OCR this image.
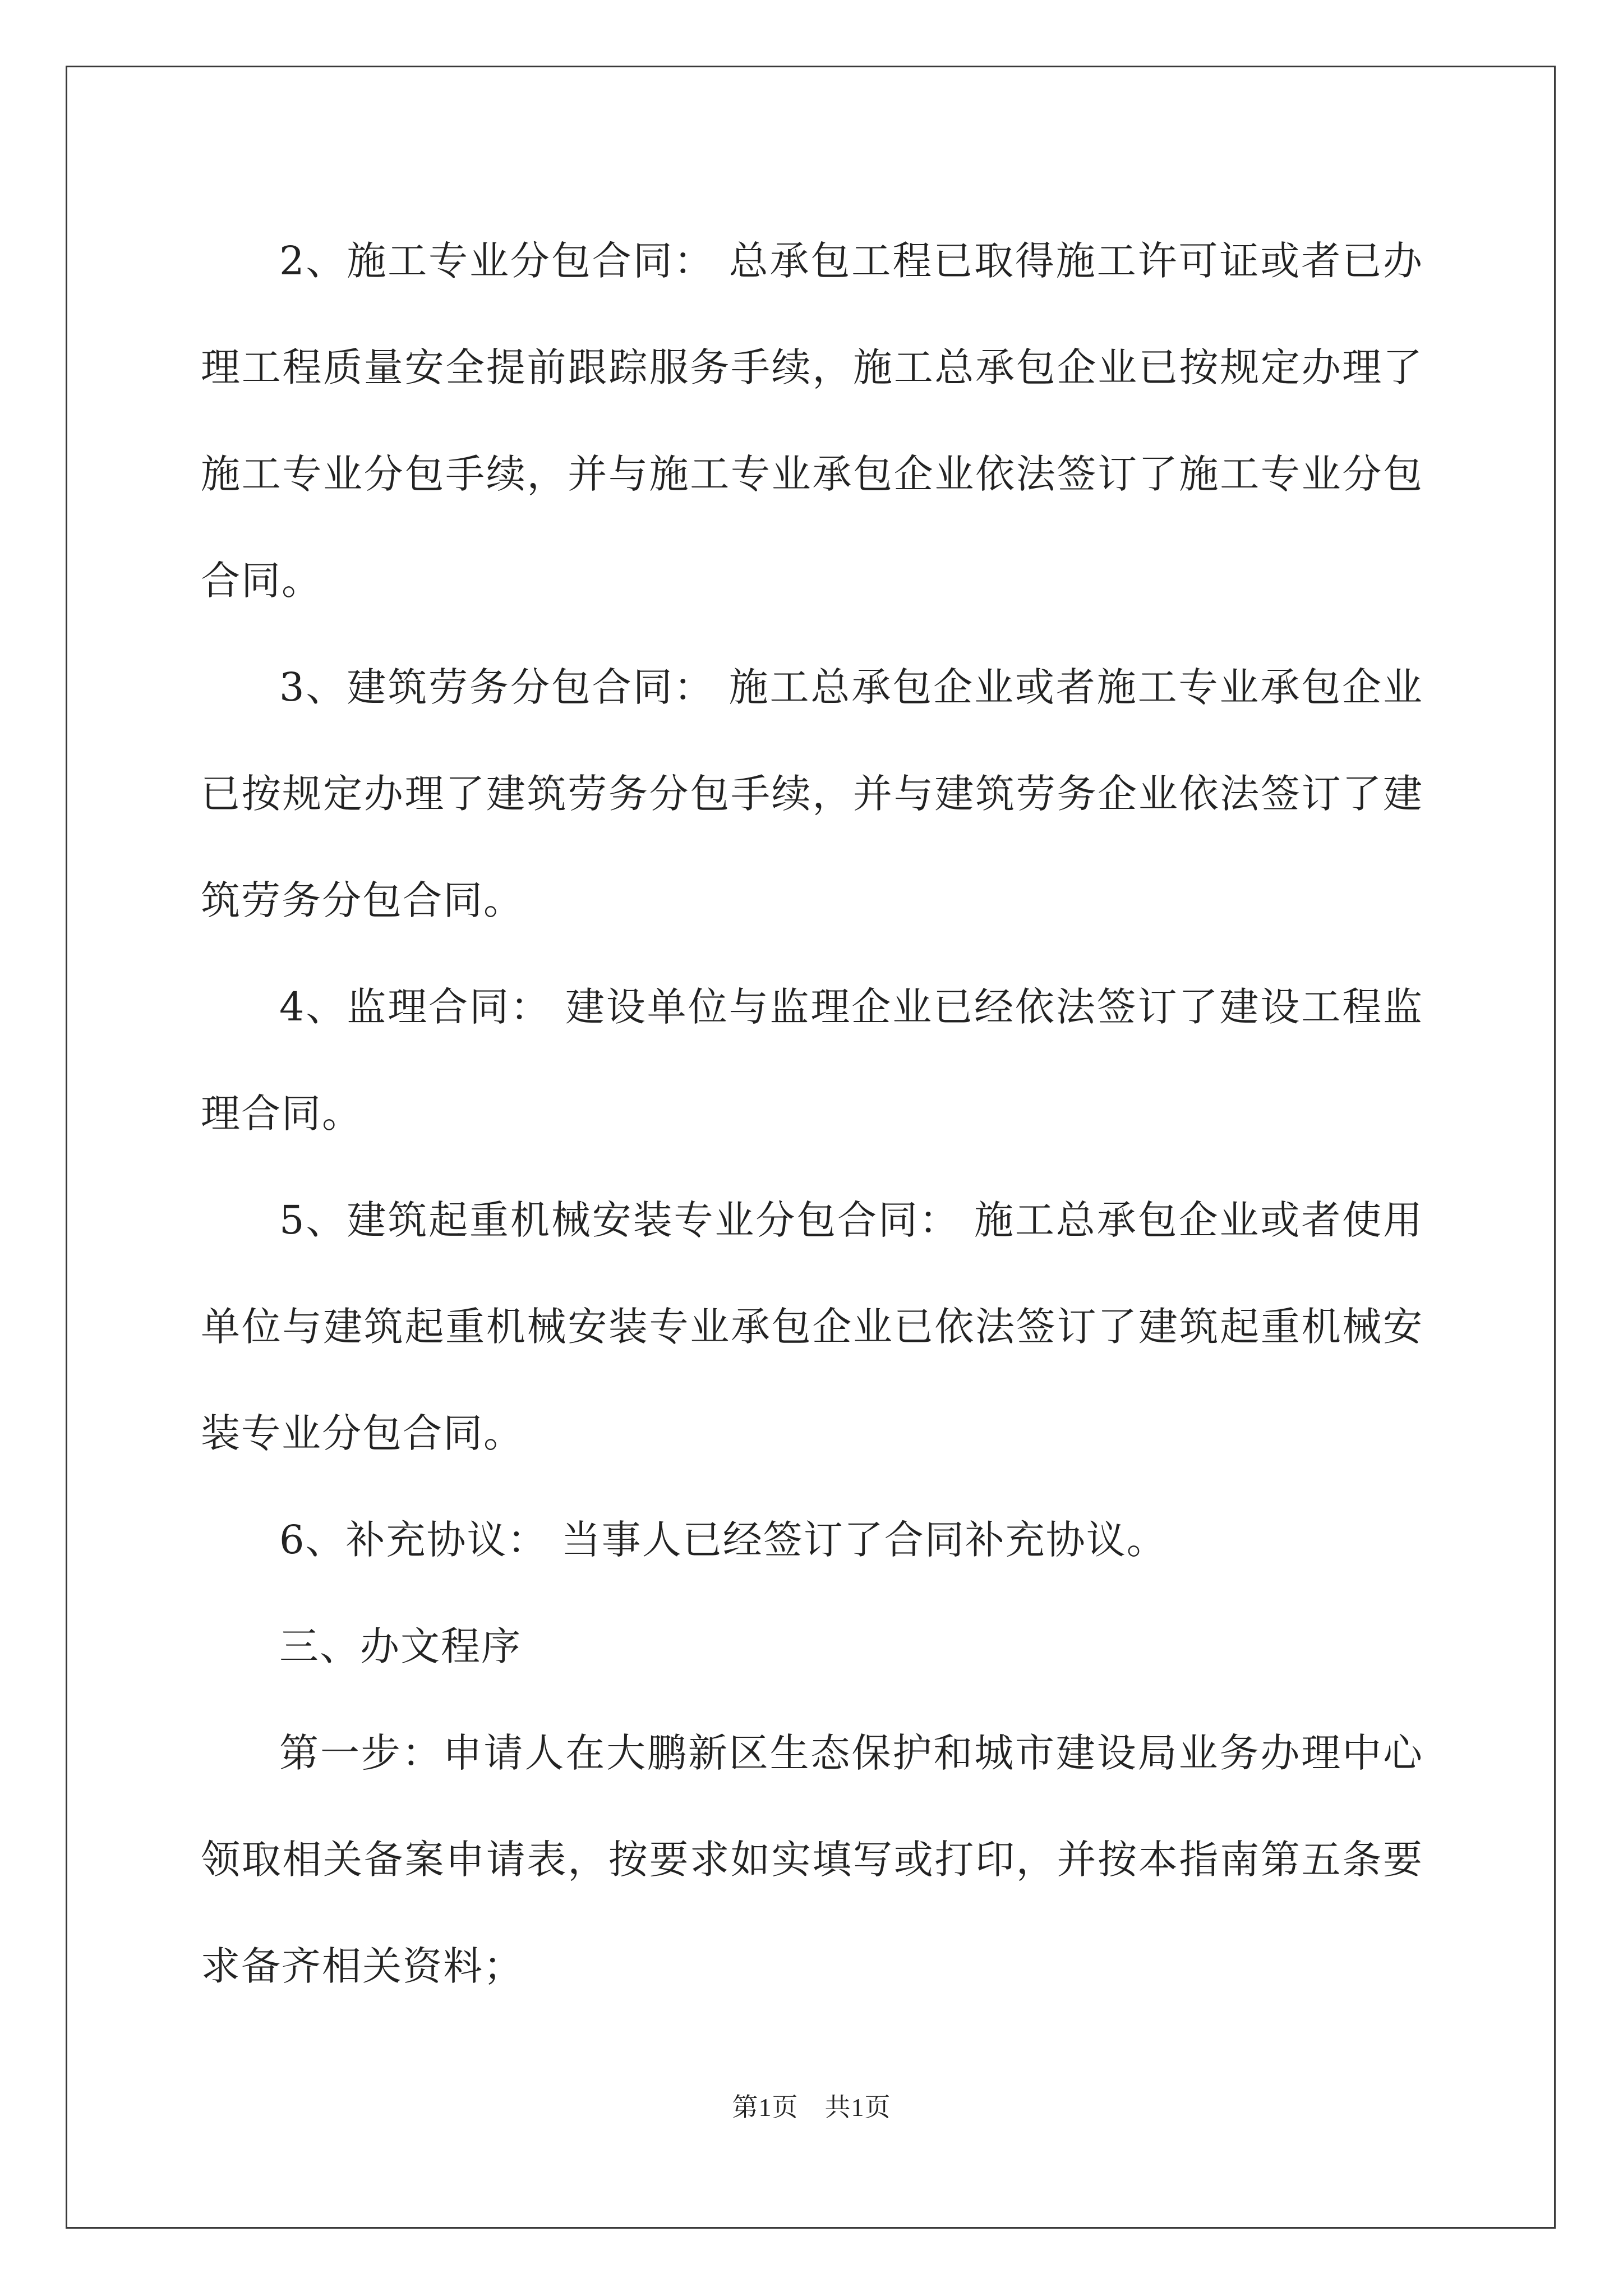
2、施工专业分包合同： 总承包工程已取得施工许可证或者已办理工程质量安全提前跟踪服务手续，施工总承包企业已按规定办理了施工专业分包手续，并与施工专业承包企业依法签订了施工专业分包合同。

3、建筑劳务分包合同： 施工总承包企业或者施工专业承包企业已按规定办理了建筑劳务分包手续，并与建筑劳务企业依法签订了建筑劳务分包合同。

4、监理合同： 建设单位与监理企业已经依法签订了建设工程监理合同。

5、建筑起重机械安装专业分包合同： 施工总承包企业或者使用单位与建筑起重机械安装专业承包企业已依法签订了建筑起重机械安装专业分包合同。

6、补充协议： 当事人已经签订了合同补充协议。

三、办文程序

第一步：申请人在大鹏新区生态保护和城市建设局业务办理中心领取相关备案申请表，按要求如实填写或打印，并按本指南第五条要求备齐相关资料；

第1页　共1页
